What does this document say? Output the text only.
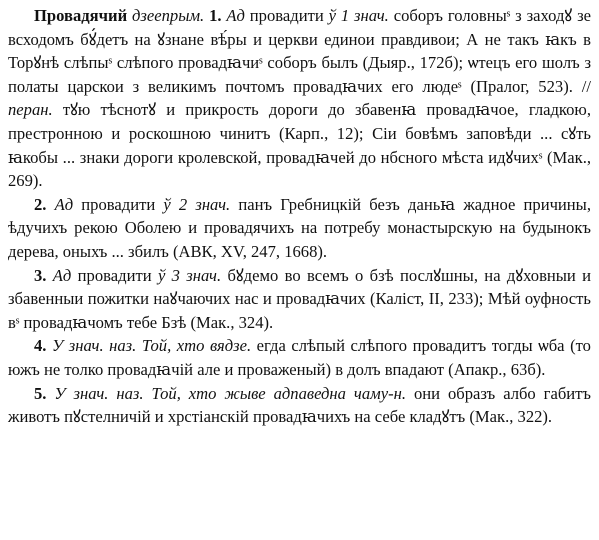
Провадячий дзеепрым. 1. Ад провадити ў 1 знач. соборъ головныˢ з заходꙋ зе всходомъ бꙋ́детъ на ꙋзнане вѣ́ры и церкви единои правдивои; А не такъ ꙗкъ в Торꙋнѣ слѣпыˢ слѣпого провадꙗчиˢ соборъ былъ (Дыяр., 172б); ѡтецъ его шолъ з полаты царскои з великимъ почтомъ провадꙗчих его людеˢ (Пралог, 523). // перан. тꙋю тѣснотꙋ и прикрость дороги до збавенꙗ провадꙗчое, гладкою, престронною и роскошною чинитъ (Карп., 12); Сіи бовѣмъ заповѣди ... сꙋть ꙗкобы ... знаки дороги кролевской, провадꙗчей до нбсного мѣста идꙋчихˢ (Мак., 269).

2. Ад провадити ў 2 знач. панъ Гребницкій безъ даньꙗ жадное причины, ѣдучихъ рекою Оболею и провадячихъ на потребу монастырскую на будынокъ дерева, оныхъ ... збилъ (АВК, XV, 247, 1668).

3. Ад провадити ў 3 знач. бꙋдемо во всемъ о бзѣ послꙋшны, на дꙋховныи и збавенныи пожитки наꙋчаючих нас и провадꙗчих (Каліст, II, 233); Мѣй оуфность вˢ провадꙗчомъ тебе Бзѣ (Мак., 324).

4. У знач. наз. Той, хто вядзе. егда слѣпый слѣпого провадитъ тогды ѡба (то южъ не толко провадꙗчій але и проваженый) в долъ впадают (Апакр., 63б).

5. У знач. наз. Той, хто жыве адпаведна чаму-н. они образъ албо габитъ животъ пꙋстелничій и хрстіанскій провадꙗчихъ на себе кладꙋтъ (Мак., 322).
